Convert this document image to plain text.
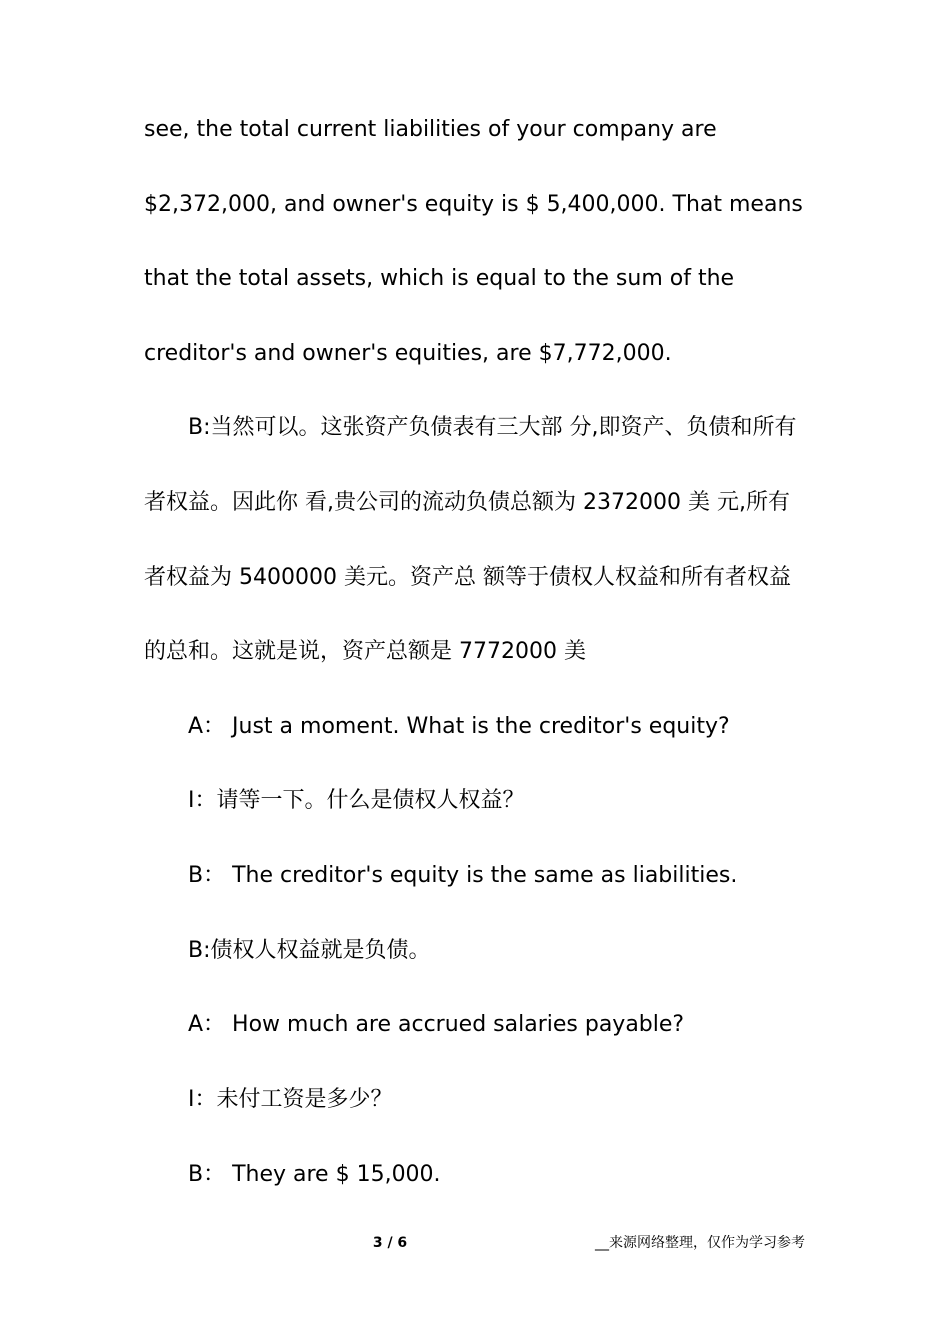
see, the total current liabilities of your company are
$2,372,000, and owner's equity is $ 5,400,000. That means
that the total assets, which is equal to the sum of the
creditor's and owner's equities, are $7,772,000.
B:当然可以。这张资产负债表有三大部 分,即资产、负债和所有
者权益。因此你 看,贵公司的流动负债总额为 2372000 美 元,所有
者权益为 5400000 美元。资产总 额等于债权人权益和所有者权益
的总和。这就是说，资产总额是 7772000 美
A： Just a moment. What is the creditor's equity?
I：请等一下。什么是债权人权益？
B： The creditor's equity is the same as liabilities.
B:债权人权益就是负债。
A： How much are accrued salaries payable?
I：未付工资是多少？
B： They are $ 15,000.
3 / 6	__来源网络整理，仅作为学习参考
